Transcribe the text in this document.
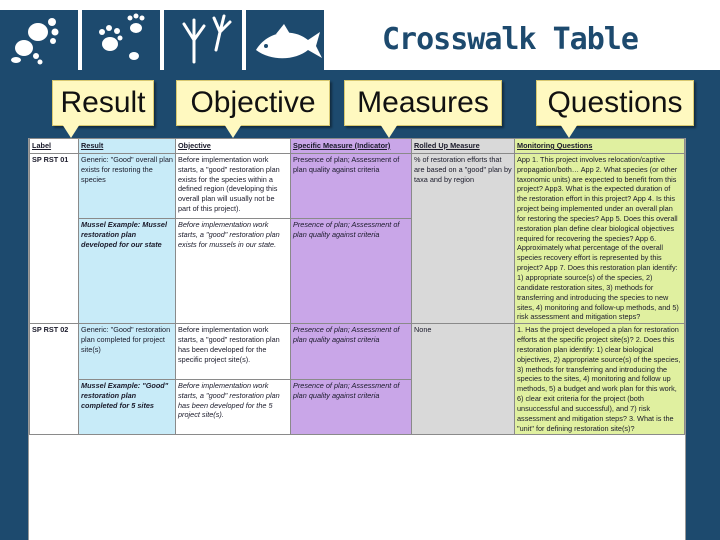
Crosswalk Table
Result	Objective	Measures	Questions
Label	Result	Objective	Specific Measure (Indicator)	Rolled Up Measure	Monitoring Questions
SP RST 01	Generic: "Good" overall plan exists for restoring the species	Before implementation work starts, a "good" restoration plan exists for the species within a defined region (developing this overall plan will usually not be part of this project).	Presence of plan; Assessment of plan quality against criteria	% of restoration efforts that are based on a "good" plan by taxa and by region	App 1. This project involves relocation/captive propagation/both… App 2. What species (or other taxonomic units) are expected to benefit from this project? App3. What is the expected duration of the restoration effort in this project? App 4. Is this project being implemented under an overall plan for restoring the species? App 5. Does this overall restoration plan define clear biological objectives required for recovering the species? App 6. Approximately what percentage of the overall species recovery effort is represented by this project? App 7. Does this restoration plan identify: 1) appropriate source(s) of the species, 2) candidate restoration sites, 3) methods for transferring and introducing the species to new sites, 4) monitoring and follow-up methods, and 5) risk assessment and mitigation steps?
	Mussel Example: Mussel restoration plan developed for our state	Before implementation work starts, a "good" restoration plan exists for mussels in our state.	Presence of plan; Assessment of plan quality against criteria		
SP RST 02	Generic: "Good" restoration plan completed for project site(s)	Before implementation work starts, a "good" restoration plan has been developed for the specific project site(s).	Presence of plan; Assessment of plan quality against criteria	None	1. Has the project developed a plan for restoration efforts at the specific project site(s)? 2. Does this restoration plan identify: 1) clear biological objectives, 2) appropriate source(s) of the species, 3) methods for transferring and introducing the species to the sites, 4) monitoring and follow up methods, 5) a budget and work plan for this work, 6) clear exit criteria for the project (both unsuccessful and successful), and 7) risk assessment and mitigation steps? 3. What is the "unit" for defining restoration site(s)?
	Mussel Example: "Good" restoration plan completed for 5 sites	Before implementation work starts, a "good" restoration plan has been developed for the 5 project site(s).	Presence of plan; Assessment of plan quality against criteria		
